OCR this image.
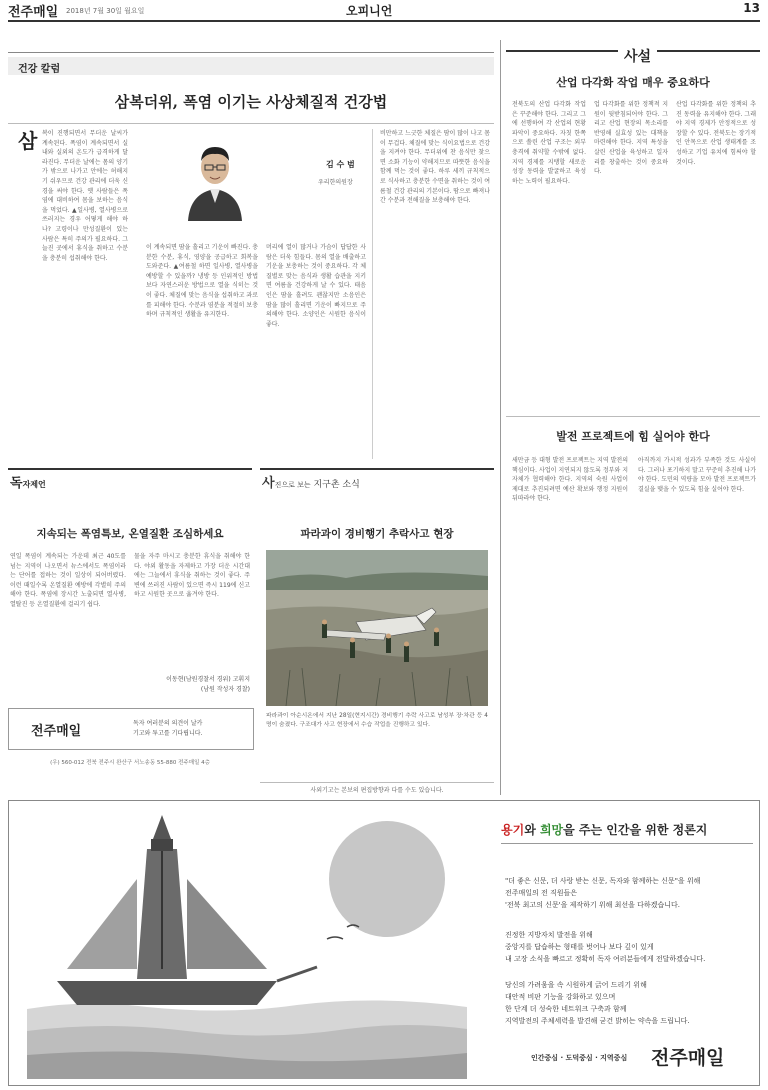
전주매일 2018년 7월 30일 월요일	오피니언	13
건강 칼럼
삼복더위, 폭염 이기는 사상체질적 건강법
삼 복이 진행되면서 무더운 날씨가 계속된다. 폭염이 계속되면서 실내와 실외의 온도가 급격하게 달라진다. 무더운 날에는 몸의 양기가 밖으로 나가고 안에는 허해지기 쉬우므로 건강 관리에 더욱 신경을 써야 한다. 옛 사람들은 폭염에 대비하여 몸을 보하는 음식을 먹었다. ▲일사병, 열사병으로 쓰러지는 경우 어떻게 해야 하나? 고령이나 만성질환이 있는 사람은 특히 주의가 필요하다. 그늘진 곳에서 휴식을 취하고 수분을 충분히 섭취해야 한다.
김 수 범
우리한의원장
이 계속되면 땀을 흘리고 기운이 빠진다. 충분한 수분, 휴식, 영양을 공급하고 회복을 도와준다. ▲여름철 하면 일사병, 열사병을 예방할 수 있을까? 냉방 등 인위적인 방법보다 자연스러운 방법으로 열을 식히는 것이 좋다. 체질에 맞는 음식을 섭취하고 과로를 피해야 한다. 수분과 염분을 적절히 보충하며 규칙적인 생활을 유지한다.
머리에 열이 많거나 가슴이 답답한 사람은 더욱 힘들다. 몸의 열을 배출하고 기운을 보충하는 것이 중요하다. 각 체질별로 맞는 음식과 생활 습관을 지키면 여름을 건강하게 날 수 있다. 태음인은 땀을 흘려도 괜찮지만 소음인은 땀을 많이 흘리면 기운이 빠지므로 주의해야 한다. 소양인은 시원한 음식이 좋다.
비만하고 느긋한 체질은 땀이 많이 나고 몸이 무겁다. 체질에 맞는 식이요법으로 건강을 지켜야 한다. 무더위에 찬 음식만 찾으면 소화 기능이 약해지므로 따뜻한 음식을 함께 먹는 것이 좋다. 하루 세끼 규칙적으로 식사하고 충분한 수면을 취하는 것이 여름철 건강 관리의 기본이다. 땀으로 빠져나간 수분과 전해질을 보충해야 한다.
사설
산업 다각화 작업 매우 중요하다
전북도의 산업 다각화 작업은 꾸준해야 한다. 그리고 그에 선행하여 각 산업의 현황 파악이 중요하다. 자칫 한쪽으로 쏠린 산업 구조는 외부 충격에 취약할 수밖에 없다. 지역 경제를 지탱할 새로운 성장 동력을 발굴하고 육성하는 노력이 필요하다.
업 다각화를 위한 정책적 지원이 뒷받침되어야 한다. 그리고 산업 현장의 목소리를 반영해 실효성 있는 대책을 마련해야 한다. 지역 특성을 살린 산업을 육성하고 일자리를 창출하는 것이 중요하다.
산업 다각화를 위한 정책의 추진 동력을 유지해야 한다. 그래야 지역 경제가 안정적으로 성장할 수 있다. 전북도는 장기적인 안목으로 산업 생태계를 조성하고 기업 유치에 힘써야 할 것이다.
발전 프로젝트에 힘 실어야 한다
새만금 등 대형 발전 프로젝트는 지역 발전의 핵심이다. 사업이 지연되지 않도록 정부와 지자체가 협력해야 한다. 지역의 숙원 사업이 제대로 추진되려면 예산 확보와 행정 지원이 뒤따라야 한다.
아직까지 가시적 성과가 부족한 것도 사실이다. 그러나 포기하지 말고 꾸준히 추진해 나가야 한다. 도민의 역량을 모아 발전 프로젝트가 결실을 맺을 수 있도록 힘을 실어야 한다.
독자제언
지속되는 폭염특보, 온열질환 조심하세요
연일 폭염이 계속되는 가운데 최근 40도를 넘는 지역이 나오면서 뉴스에서도 폭염이라는 단어를 접하는 것이 일상이 되어버렸다. 이런 때일수록 온열질환 예방에 각별히 주의해야 한다. 폭염에 장시간 노출되면 열사병, 열탈진 등 온열질환에 걸리기 쉽다.
물을 자주 마시고 충분한 휴식을 취해야 한다. 야외 활동을 자제하고 가장 더운 시간대에는 그늘에서 휴식을 취하는 것이 좋다. 주변에 쓰러진 사람이 있으면 즉시 119에 신고하고 시원한 곳으로 옮겨야 한다.
이동현(남원경찰서 경위) 고휘지
(남원 작성자 경찰)
전주매일
독자 여러분의 의견이 날카
기고와 투고를 기다립니다.
(우) 560-012 전북 전주시 완산구 서노송동 55-880 전주매일 4층
사진으로 보는 지구촌 소식
파라과이 경비행기 추락사고 현장
파라과이 아순시온에서 지난 28일(현지시간) 경비행기 추락 사고로 남성부 장·차관 등 4명이 숨졌다. 구조대가 사고 현장에서 수습 작업을 진행하고 있다.
사외기고는 본보의 편집방향과 다를 수도 있습니다.
용기와 희망을 주는 인간을 위한 정론지
"더 좋은 신문, 더 사랑 받는 신문, 독자와 함께하는 신문"을 위해
전주매일의 전 직원들은
'전북 최고의 신문'을 제작하기 위해 최선을 다하겠습니다.
진정한 지방자치 발전을 위해
중앙지를 답습하는 형태를 벗어나 보다 깊이 있게
내 고장 소식을 빠르고 정확히 독자 여러분들에게 전달하겠습니다.
당신의 가려움을 속 시원하게 긁어 드리기 위해
대안적 비판 기능을 강화하고 있으며
한 단계 더 성숙한 네트워크 구축과 함께
지역발전의 주체세력을 발견해 굳건 밝히는 약속을 드립니다.
인간중심 · 도덕중심 · 지역중심 전주매일
